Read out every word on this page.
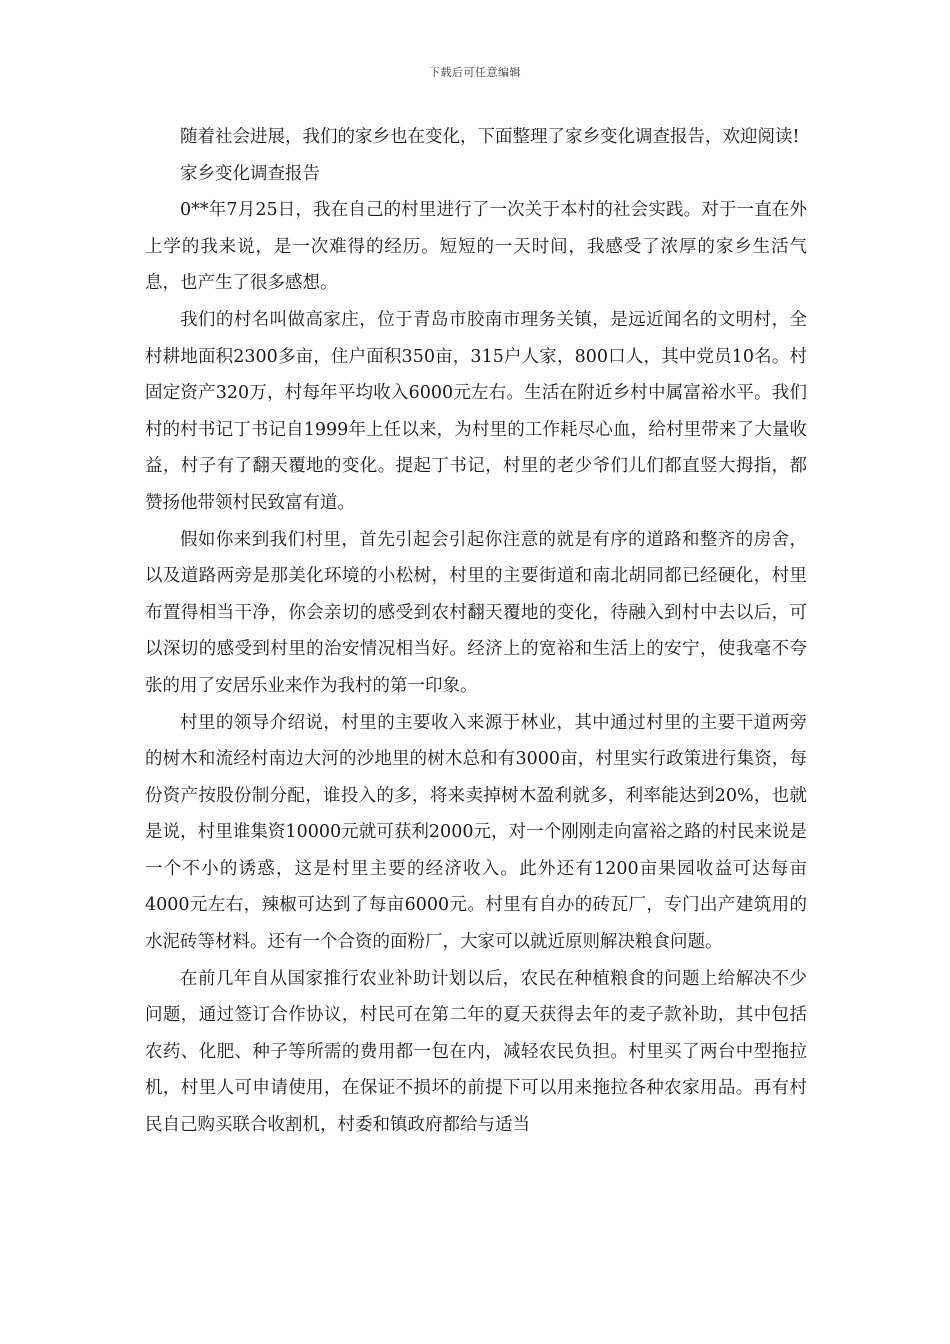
下载后可任意编辑

随着社会进展，我们的家乡也在变化，下面整理了家乡变化调查报告，欢迎阅读!

家乡变化调查报告

0**年7月25日，我在自己的村里进行了一次关于本村的社会实践。对于一直在外上学的我来说，是一次难得的经历。短短的一天时间，我感受了浓厚的家乡生活气息，也产生了很多感想。

我们的村名叫做高家庄，位于青岛市胶南市理务关镇，是远近闻名的文明村，全村耕地面积2300多亩，住户面积350亩，315户人家，800口人，其中党员10名。村固定资产320万，村每年平均收入6000元左右。生活在附近乡村中属富裕水平。我们村的村书记丁书记自1999年上任以来，为村里的工作耗尽心血，给村里带来了大量收益，村子有了翻天覆地的变化。提起丁书记，村里的老少爷们儿们都直竖大拇指，都赞扬他带领村民致富有道。

假如你来到我们村里，首先引起会引起你注意的就是有序的道路和整齐的房舍，以及道路两旁是那美化环境的小松树，村里的主要街道和南北胡同都已经硬化，村里布置得相当干净，你会亲切的感受到农村翻天覆地的变化，待融入到村中去以后，可以深切的感受到村里的治安情况相当好。经济上的宽裕和生活上的安宁，使我毫不夸张的用了安居乐业来作为我村的第一印象。

村里的领导介绍说，村里的主要收入来源于林业，其中通过村里的主要干道两旁的树木和流经村南边大河的沙地里的树木总和有3000亩，村里实行政策进行集资，每份资产按股份制分配，谁投入的多，将来卖掉树木盈利就多，利率能达到20%，也就是说，村里谁集资10000元就可获利2000元，对一个刚刚走向富裕之路的村民来说是一个不小的诱惑，这是村里主要的经济收入。此外还有1200亩果园收益可达每亩4000元左右，辣椒可达到了每亩6000元。村里有自办的砖瓦厂，专门出产建筑用的水泥砖等材料。还有一个合资的面粉厂，大家可以就近原则解决粮食问题。

在前几年自从国家推行农业补助计划以后，农民在种植粮食的问题上给解决不少问题，通过签订合作协议，村民可在第二年的夏天获得去年的麦子款补助，其中包括农药、化肥、种子等所需的费用都一包在内，减轻农民负担。村里买了两台中型拖拉机，村里人可申请使用，在保证不损坏的前提下可以用来拖拉各种农家用品。再有村民自己购买联合收割机，村委和镇政府都给与适当
